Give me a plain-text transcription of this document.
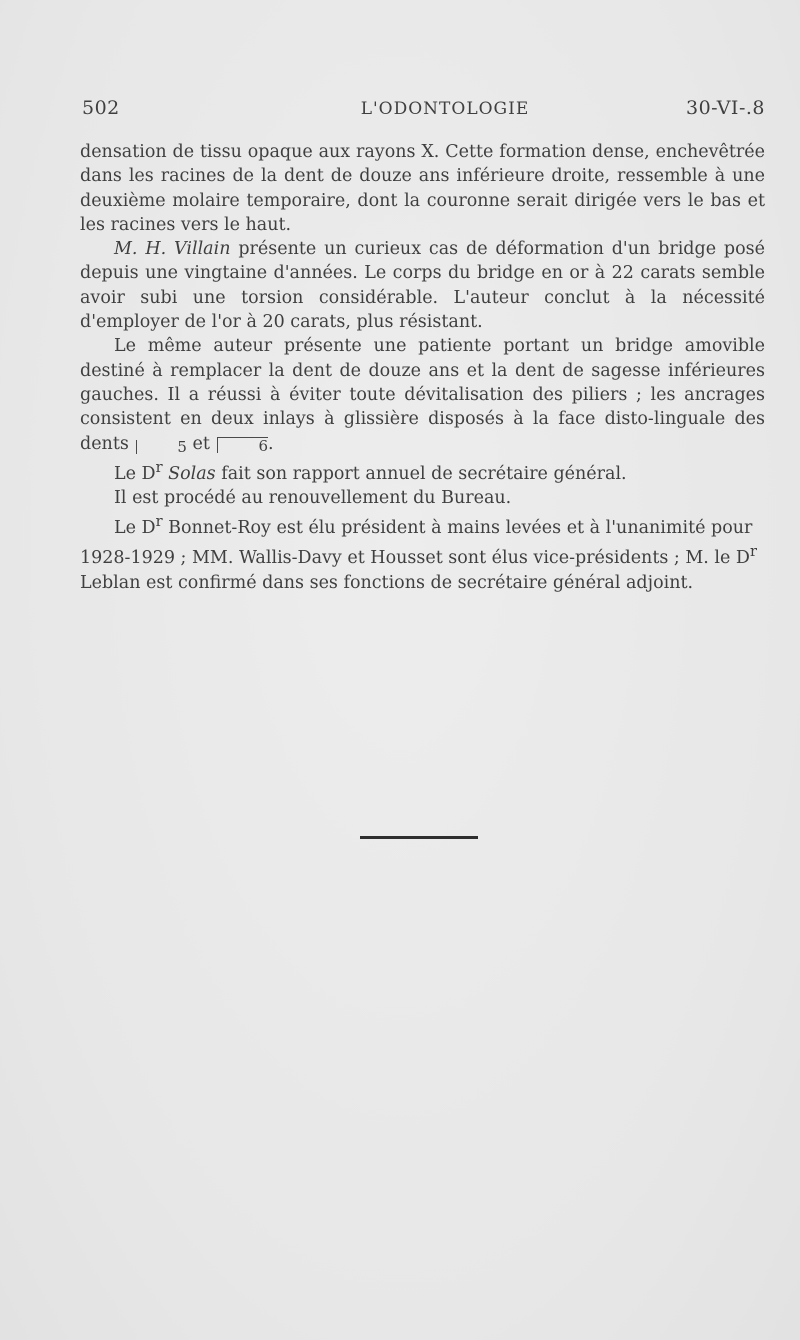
502	L'ODONTOLOGIE	30-VI-.8

densation de tissu opaque aux rayons X. Cette formation dense, enchevêtrée dans les racines de la dent de douze ans inférieure droite, ressemble à une deuxième molaire temporaire, dont la couronne serait dirigée vers le bas et les racines vers le haut.

M. H. Villain présente un curieux cas de déformation d'un bridge posé depuis une vingtaine d'années. Le corps du bridge en or à 22 carats semble avoir subi une torsion considérable. L'auteur conclut à la nécessité d'employer de l'or à 20 carats, plus résistant.

Le même auteur présente une patiente portant un bridge amovible destiné à remplacer la dent de douze ans et la dent de sagesse inférieures gauches. Il a réussi à éviter toute dévitalisation des piliers ; les ancrages consistent en deux inlays à glissière disposés à la face disto-linguale des dents	5 et	6.

Le $D^r$ Solas fait son rapport annuel de secrétaire général.

Il est procédé au renouvellement du Bureau.

Le $D^r$ Bonnet-Roy est élu président à mains levées et à l'unanimité pour 1928-1929 ; MM. Wallis-Davy et Housset sont élus vice-présidents ; M. le $D^r$ Leblan est confirmé dans ses fonctions de secrétaire général adjoint.
